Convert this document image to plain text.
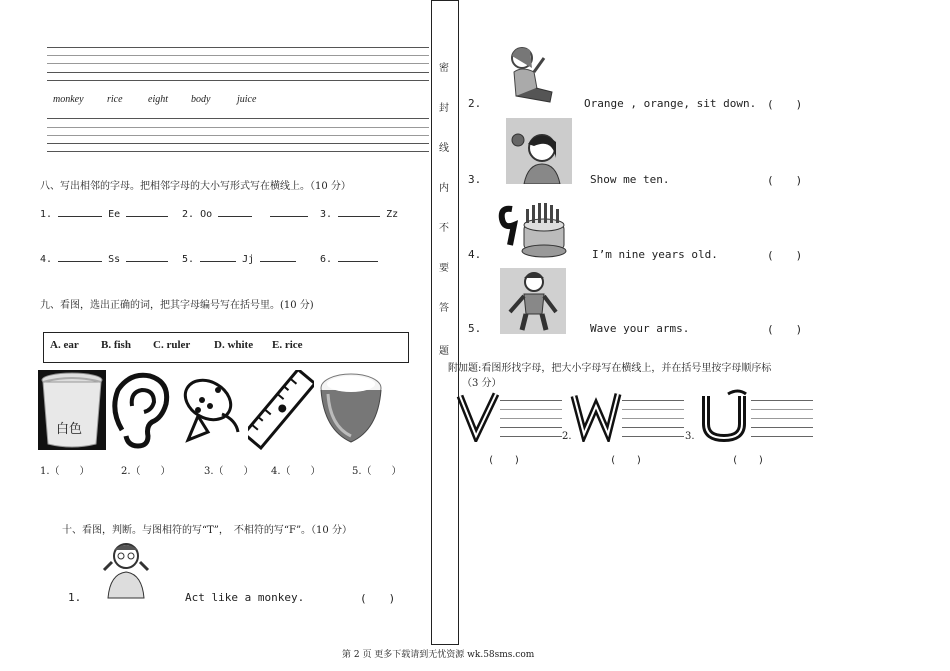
monkey rice	eight body	juice
八、写出相邻的字母。把相邻字母的大小写形式写在横线上。（10 分）
1.	Ee	2. Oo	3.	Zz
4.	Ss	5.	Jj	6.
九、看图，选出正确的词，把其字母编号写在括号里。(10 分)
A. ear B. fish C. ruler D. white E. rice
白色
1.（　　）	2.（　　）	3.（　　） 4.（　　）	5.（　　）
十、看图，判断。与图相符的写“T”，　不相符的写“F”。（10 分）
1.	Act like a monkey.	(　　)
密
封
线
内
不
要
答
题
2.	Orange , orange, sit down. (　　)
3.	Show me ten.	(　　)
4.	I’m nine years old.	(　　)
5.	Wave your arms.	(　　)
附加题:看图形找字母，把大小字母写在横线上，并在括号里按字母顺序标
（3 分）
2.	3.
(　　)	(　　)	(　　)
第 2 页 更多下载请到无忧资源 wk.58sms.com
